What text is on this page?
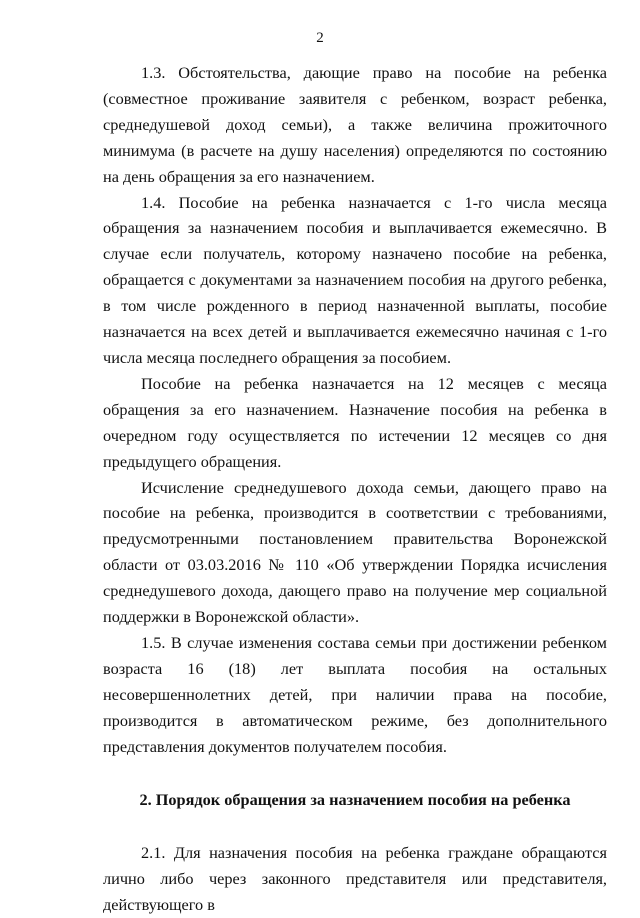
2

1.3. Обстоятельства, дающие право на пособие на ребенка (совместное проживание заявителя с ребенком, возраст ребенка, среднедушевой доход семьи), а также величина прожиточного минимума (в расчете на душу населения) определяются по состоянию на день обращения за его назначением.

1.4. Пособие на ребенка назначается с 1-го числа месяца обращения за назначением пособия и выплачивается ежемесячно. В случае если получатель, которому назначено пособие на ребенка, обращается с документами за назначением пособия на другого ребенка, в том числе рожденного в период назначенной выплаты, пособие назначается на всех детей и выплачивается ежемесячно начиная с 1-го числа месяца последнего обращения за пособием.

Пособие на ребенка назначается на 12 месяцев с месяца обращения за его назначением. Назначение пособия на ребенка в очередном году осуществляется по истечении 12 месяцев со дня предыдущего обращения.

Исчисление среднедушевого дохода семьи, дающего право на пособие на ребенка, производится в соответствии с требованиями, предусмотренными постановлением правительства Воронежской области от 03.03.2016 № 110 «Об утверждении Порядка исчисления среднедушевого дохода, дающего право на получение мер социальной поддержки в Воронежской области».

1.5. В случае изменения состава семьи при достижении ребенком возраста 16 (18) лет выплата пособия на остальных несовершеннолетних детей, при наличии права на пособие, производится в автоматическом режиме, без дополнительного представления документов получателем пособия.

2. Порядок обращения за назначением пособия на ребенка

2.1. Для назначения пособия на ребенка граждане обращаются лично либо через законного представителя или представителя, действующего в
